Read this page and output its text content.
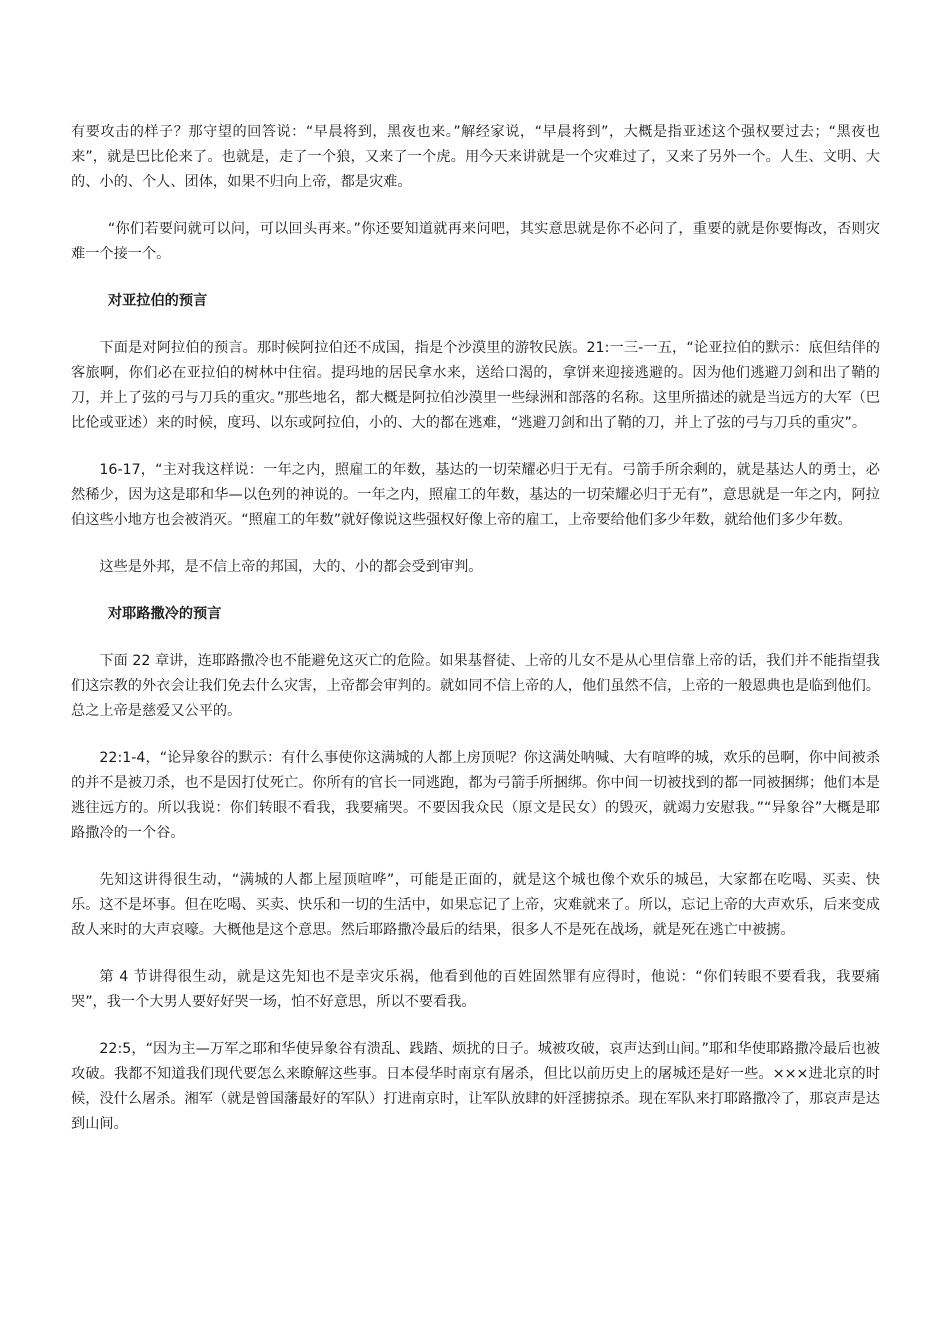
有要攻击的样子？那守望的回答说：“早晨将到，黑夜也来。”解经家说，“早晨将到”，大概是指亚述这个强权要过去；“黑夜也来”，就是巴比伦来了。也就是，走了一个狼，又来了一个虎。用今天来讲就是一个灾难过了，又来了另外一个。人生、文明、大的、小的、个人、团体，如果不归向上帝，都是灾难。

“你们若要问就可以问，可以回头再来。”你还要知道就再来问吧，其实意思就是你不必问了，重要的就是你要悔改，否则灾难一个接一个。

对亚拉伯的预言

下面是对阿拉伯的预言。那时候阿拉伯还不成国，指是个沙漠里的游牧民族。21:一三-一五，“论亚拉伯的默示：底但结伴的客旅啊，你们必在亚拉伯的树林中住宿。提玛地的居民拿水来，送给口渴的，拿饼来迎接逃避的。因为他们逃避刀剑和出了鞘的刀，并上了弦的弓与刀兵的重灾。”那些地名，都大概是阿拉伯沙漠里一些绿洲和部落的名称。这里所描述的就是当远方的大军（巴比伦或亚述）来的时候，度玛、以东或阿拉伯，小的、大的都在逃难，“逃避刀剑和出了鞘的刀，并上了弦的弓与刀兵的重灾”。

16-17，“主对我这样说：一年之内，照雇工的年数，基达的一切荣耀必归于无有。弓箭手所余剩的，就是基达人的勇士，必然稀少，因为这是耶和华—以色列的神说的。一年之内，照雇工的年数，基达的一切荣耀必归于无有”，意思就是一年之内，阿拉伯这些小地方也会被消灭。“照雇工的年数”就好像说这些强权好像上帝的雇工，上帝要给他们多少年数，就给他们多少年数。

这些是外邦，是不信上帝的邦国，大的、小的都会受到审判。

对耶路撒冷的预言

下面 22 章讲，连耶路撒冷也不能避免这灭亡的危险。如果基督徒、上帝的儿女不是从心里信靠上帝的话，我们并不能指望我们这宗教的外衣会让我们免去什么灾害，上帝都会审判的。就如同不信上帝的人，他们虽然不信，上帝的一般恩典也是临到他们。总之上帝是慈爱又公平的。

22:1-4，“论异象谷的默示：有什么事使你这满城的人都上房顶呢？你这满处呐喊、大有喧哗的城，欢乐的邑啊，你中间被杀的并不是被刀杀，也不是因打仗死亡。你所有的官长一同逃跑，都为弓箭手所捆绑。你中间一切被找到的都一同被捆绑；他们本是逃往远方的。所以我说：你们转眼不看我，我要痛哭。不要因我众民（原文是民女）的毁灭，就竭力安慰我。”“异象谷”大概是耶路撒冷的一个谷。

先知这讲得很生动，“满城的人都上屋顶喧哗”，可能是正面的，就是这个城也像个欢乐的城邑，大家都在吃喝、买卖、快乐。这不是坏事。但在吃喝、买卖、快乐和一切的生活中，如果忘记了上帝，灾难就来了。所以，忘记上帝的大声欢乐，后来变成敌人来时的大声哀嚎。大概他是这个意思。然后耶路撒冷最后的结果，很多人不是死在战场，就是死在逃亡中被掳。

第 4 节讲得很生动，就是这先知也不是幸灾乐祸，他看到他的百姓固然罪有应得时，他说：“你们转眼不要看我，我要痛哭”，我一个大男人要好好哭一场，怕不好意思，所以不要看我。

22:5，“因为主—万军之耶和华使异象谷有溃乱、践踏、烦扰的日子。城被攻破，哀声达到山间。”耶和华使耶路撒冷最后也被攻破。我都不知道我们现代要怎么来瞭解这些事。日本侵华时南京有屠杀，但比以前历史上的屠城还是好一些。×××进北京的时候，没什么屠杀。湘军（就是曾国藩最好的军队）打进南京时，让军队放肆的奸淫掳掠杀。现在军队来打耶路撒冷了，那哀声是达到山间。
